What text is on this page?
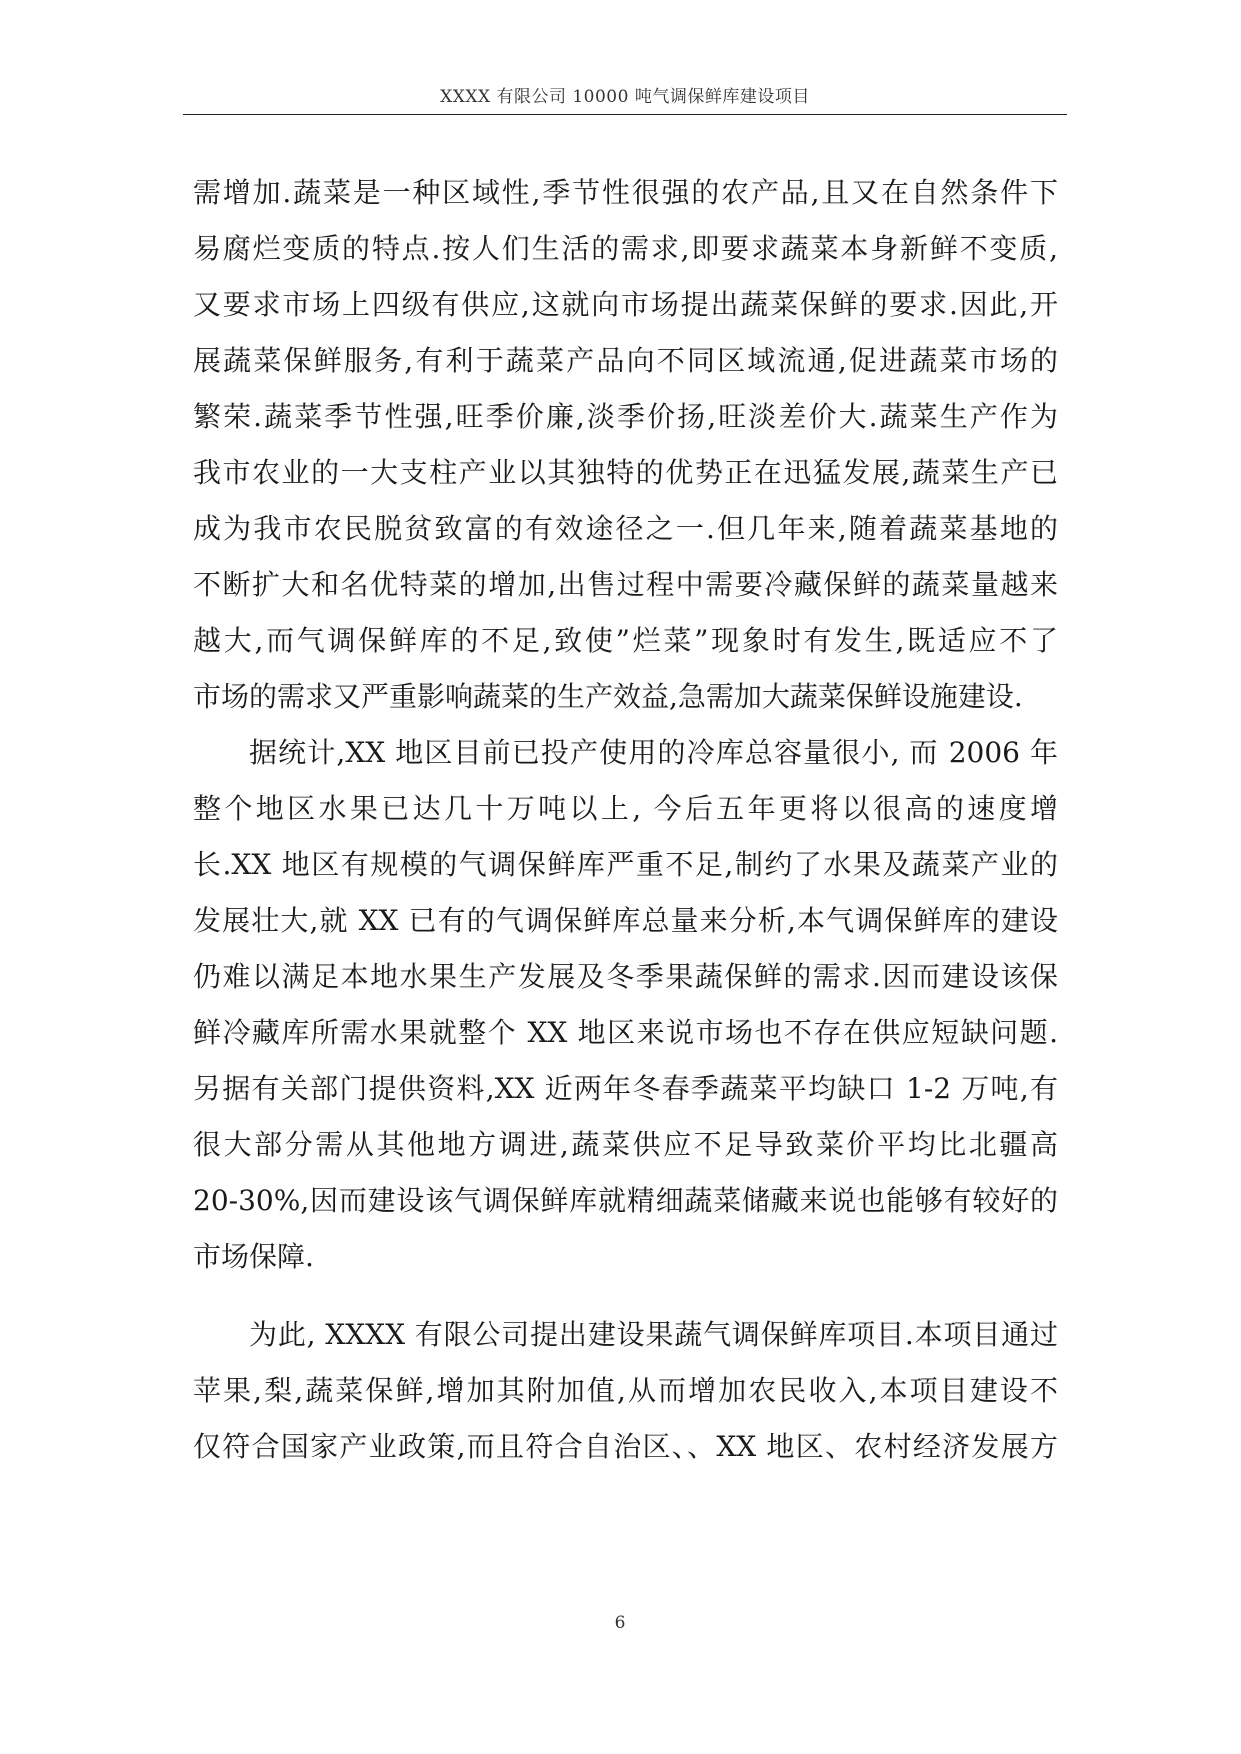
XXXX 有限公司 10000 吨气调保鲜库建设项目
需增加.蔬菜是一种区域性,季节性很强的农产品,且又在自然条件下
易腐烂变质的特点.按人们生活的需求,即要求蔬菜本身新鲜不变质,
又要求市场上四级有供应,这就向市场提出蔬菜保鲜的要求.因此,开
展蔬菜保鲜服务,有利于蔬菜产品向不同区域流通,促进蔬菜市场的
繁荣.蔬菜季节性强,旺季价廉,淡季价扬,旺淡差价大.蔬菜生产作为
我市农业的一大支柱产业以其独特的优势正在迅猛发展,蔬菜生产已
成为我市农民脱贫致富的有效途径之一.但几年来,随着蔬菜基地的
不断扩大和名优特菜的增加,出售过程中需要冷藏保鲜的蔬菜量越来
越大,而气调保鲜库的不足,致使”烂菜”现象时有发生,既适应不了
市场的需求又严重影响蔬菜的生产效益,急需加大蔬菜保鲜设施建设.
据统计,XX 地区目前已投产使用的冷库总容量很小, 而 2006 年
整个地区水果已达几十万吨以上, 今后五年更将以很高的速度增
长.XX 地区有规模的气调保鲜库严重不足,制约了水果及蔬菜产业的
发展壮大,就 XX 已有的气调保鲜库总量来分析,本气调保鲜库的建设
仍难以满足本地水果生产发展及冬季果蔬保鲜的需求.因而建设该保
鲜冷藏库所需水果就整个 XX 地区来说市场也不存在供应短缺问题.
另据有关部门提供资料,XX 近两年冬春季蔬菜平均缺口 1-2 万吨,有
很大部分需从其他地方调进,蔬菜供应不足导致菜价平均比北疆高
20-30%,因而建设该气调保鲜库就精细蔬菜储藏来说也能够有较好的
市场保障.
为此, XXXX 有限公司提出建设果蔬气调保鲜库项目.本项目通过
苹果,梨,蔬菜保鲜,增加其附加值,从而增加农民收入,本项目建设不
仅符合国家产业政策,而且符合自治区、、XX 地区、农村经济发展方
6
